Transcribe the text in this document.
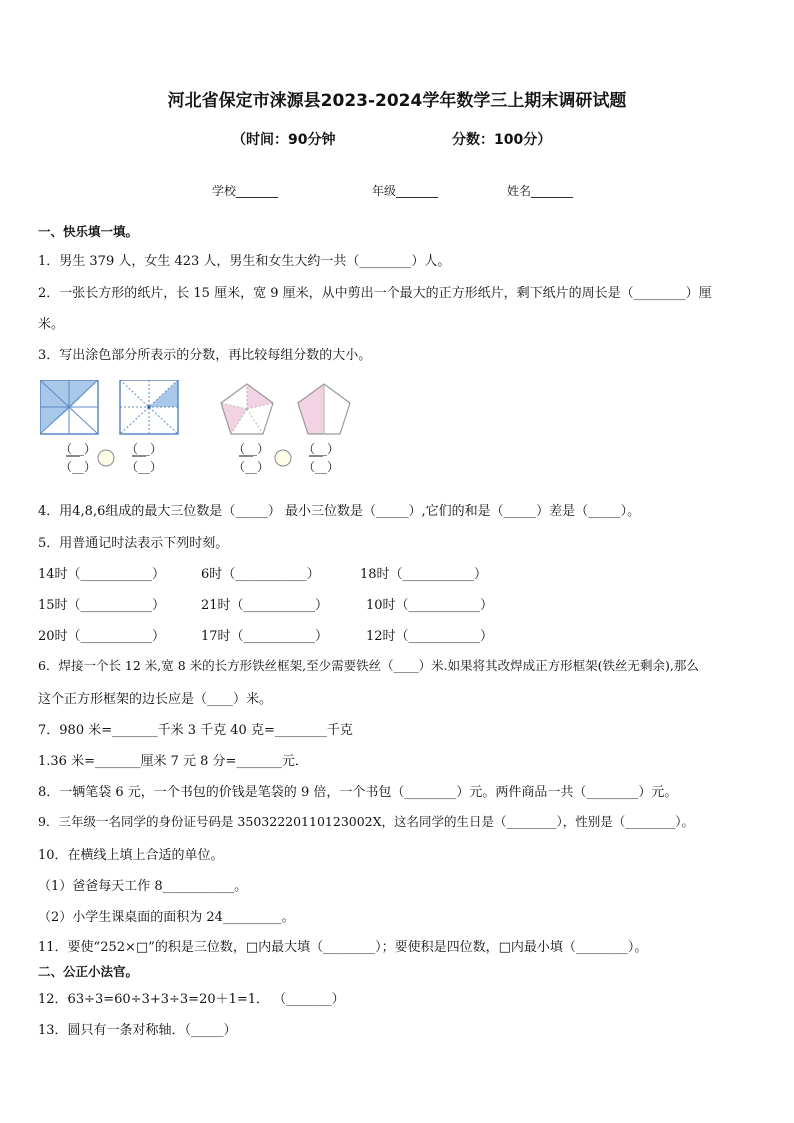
河北省保定市涞源县2023-2024学年数学三上期末调研试题
（时间：90分钟	分数：100分）
学校_______	年级_______	姓名_______
一、快乐填一填。
1．男生 379 人，女生 423 人，男生和女生大约一共（________）人。
2．一张长方形的纸片，长 15 厘米，宽 9 厘米，从中剪出一个最大的正方形纸片，剩下纸片的周长是（________）厘
米。
3．写出涂色部分所表示的分数，再比较每组分数的大小。
（__）
（__）
（__）
（__）
（__）
（__）
（__）
（__）
4．用4,8,6组成的最大三位数是（_____） 最小三位数是（_____）,它们的和是（_____）差是（_____）。
5．用普通记时法表示下列时刻。
14时（___________）	6时（___________）	18时（___________）
15时（___________）	21时（___________）	10时（___________）
20时（___________）	17时（___________）	12时（___________）
6．焊接一个长 12 米,宽 8 米的长方形铁丝框架,至少需要铁丝（____）米.如果将其改焊成正方形框架(铁丝无剩余),那么
这个正方形框架的边长应是（____）米。
7．980 米=_______千米 3 千克 40 克=________千克
1.36 米=_______厘米 7 元 8 分=_______元．
8．一辆笔袋 6 元，一个书包的价钱是笔袋的 9 倍，一个书包（________）元。两件商品一共（________）元。
9．三年级一名同学的身份证号码是 35032220110123002X，这名同学的生日是（________），性别是（________）。
10．在横线上填上合适的单位。
（1）爸爸每天工作 8___________。
（2）小学生课桌面的面积为 24_________。
11．要使“252×□”的积是三位数，□内最大填（________）；要使积是四位数，□内最小填（________）。
二、公正小法官。
12．63÷3=60÷3+3÷3=20＋1=1． （_______）
13．圆只有一条对称轴．（_____）
